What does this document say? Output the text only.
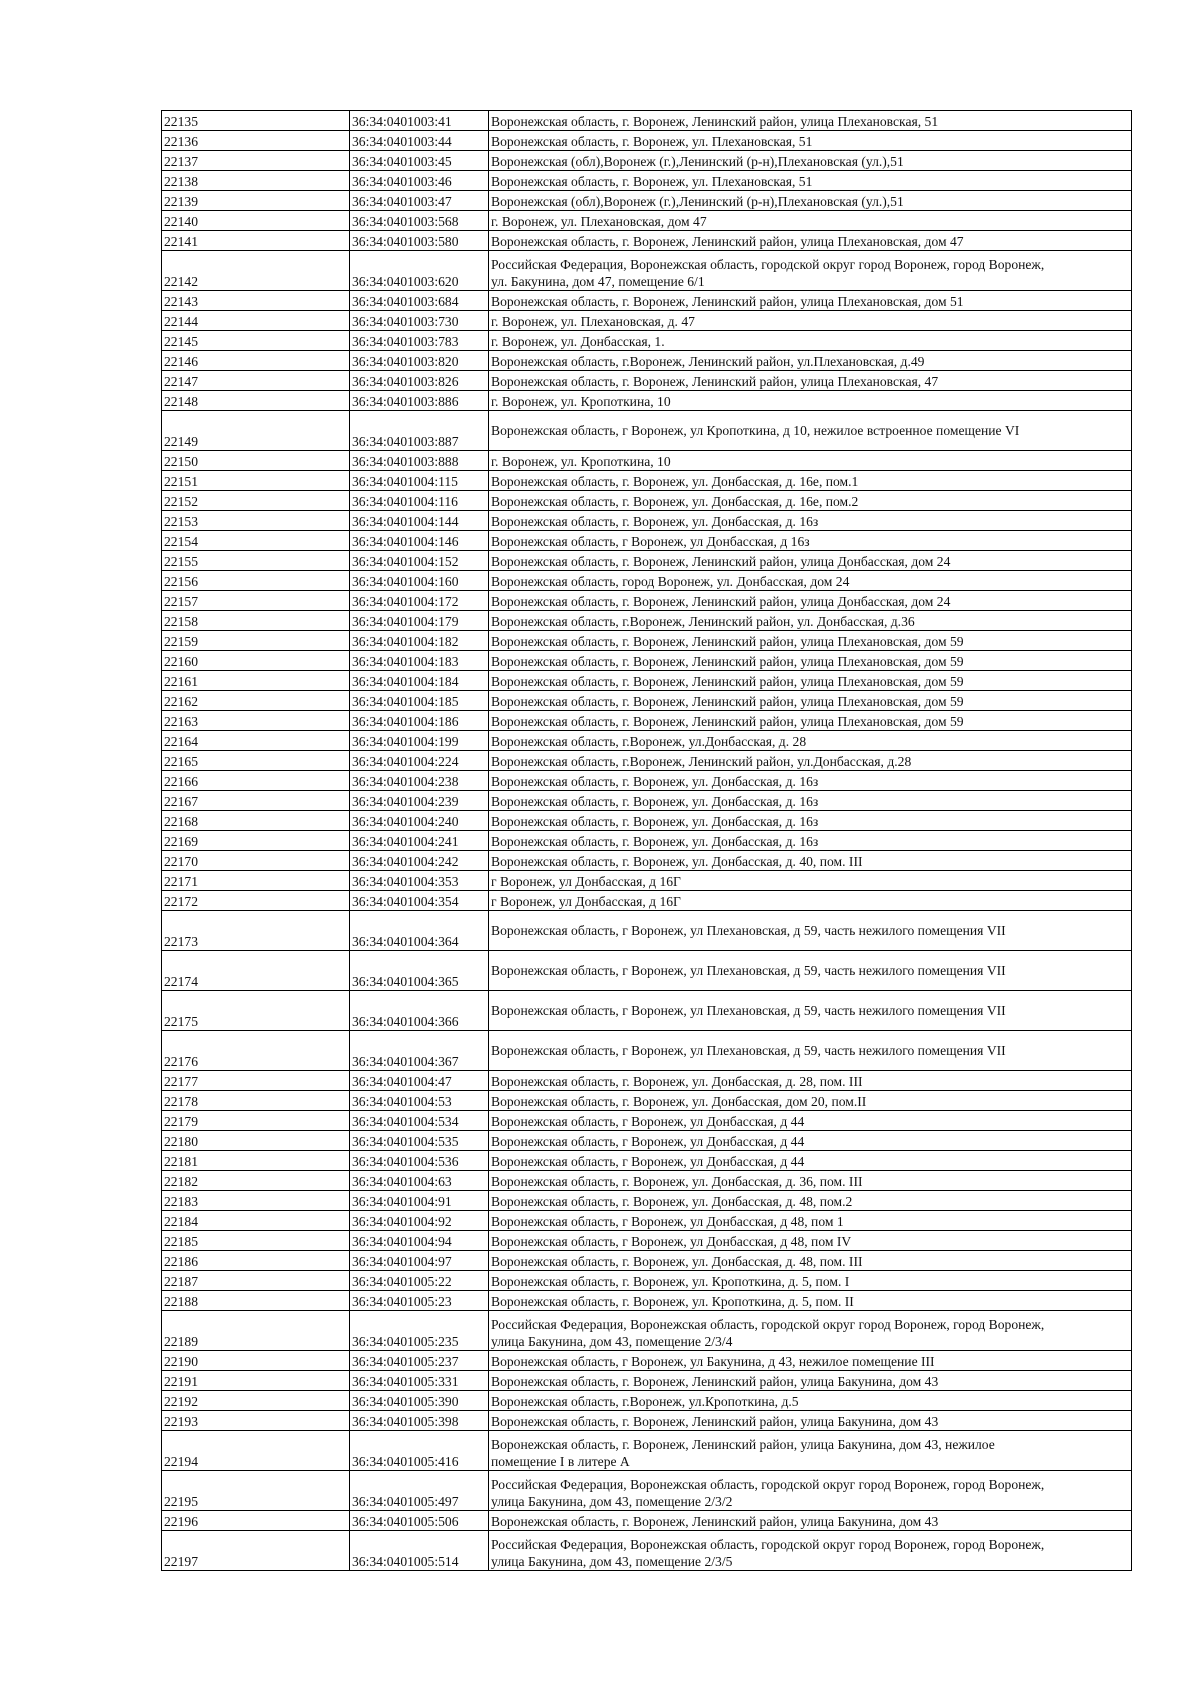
22135	36:34:0401003:41	Воронежская область, г. Воронеж, Ленинский район, улица Плехановская, 51

22136	36:34:0401003:44	Воронежская область, г. Воронеж, ул. Плехановская, 51

22137	36:34:0401003:45	Воронежская (обл),Воронеж (г.),Ленинский (р-н),Плехановская (ул.),51

22138	36:34:0401003:46	Воронежская область, г. Воронеж, ул. Плехановская, 51

22139	36:34:0401003:47	Воронежская (обл),Воронеж (г.),Ленинский (р-н),Плехановская (ул.),51

22140	36:34:0401003:568	г. Воронеж, ул. Плехановская, дом 47

22141	36:34:0401003:580	Воронежская область, г. Воронеж, Ленинский район, улица Плехановская, дом 47

22142	36:34:0401003:620	Российская Федерация, Воронежская область, городской округ город Воронеж, город Воронеж,
ул. Бакунина, дом 47, помещение 6/1

22143	36:34:0401003:684	Воронежская область, г. Воронеж, Ленинский район, улица Плехановская, дом 51

22144	36:34:0401003:730	г. Воронеж, ул. Плехановская, д. 47

22145	36:34:0401003:783	г. Воронеж, ул. Донбасская, 1.

22146	36:34:0401003:820	Воронежская область, г.Воронеж, Ленинский район, ул.Плехановская, д.49

22147	36:34:0401003:826	Воронежская область, г. Воронеж, Ленинский район, улица Плехановская, 47

22148	36:34:0401003:886	г. Воронеж, ул. Кропоткина, 10

22149	36:34:0401003:887	Воронежская область, г Воронеж, ул Кропоткина, д 10, нежилое встроенное помещение VI

22150	36:34:0401003:888	г. Воронеж, ул. Кропоткина, 10

22151	36:34:0401004:115	Воронежская область, г. Воронеж, ул. Донбасская, д. 16е, пом.1

22152	36:34:0401004:116	Воронежская область, г. Воронеж, ул. Донбасская, д. 16е, пом.2

22153	36:34:0401004:144	Воронежская область, г. Воронеж, ул. Донбасская, д. 16з

22154	36:34:0401004:146	Воронежская область, г Воронеж, ул Донбасская, д 16з

22155	36:34:0401004:152	Воронежская область, г. Воронеж, Ленинский район, улица Донбасская, дом 24

22156	36:34:0401004:160	Воронежская область, город Воронеж, ул. Донбасская, дом 24

22157	36:34:0401004:172	Воронежская область, г. Воронеж, Ленинский район, улица Донбасская, дом 24

22158	36:34:0401004:179	Воронежская область, г.Воронеж, Ленинский район, ул. Донбасская, д.36

22159	36:34:0401004:182	Воронежская область, г. Воронеж, Ленинский район, улица Плехановская, дом 59

22160	36:34:0401004:183	Воронежская область, г. Воронеж, Ленинский район, улица Плехановская, дом 59

22161	36:34:0401004:184	Воронежская область, г. Воронеж, Ленинский район, улица Плехановская, дом 59

22162	36:34:0401004:185	Воронежская область, г. Воронеж, Ленинский район, улица Плехановская, дом 59

22163	36:34:0401004:186	Воронежская область, г. Воронеж, Ленинский район, улица Плехановская, дом 59

22164	36:34:0401004:199	Воронежская область, г.Воронеж, ул.Донбасская, д. 28

22165	36:34:0401004:224	Воронежская область, г.Воронеж, Ленинский район, ул.Донбасская, д.28

22166	36:34:0401004:238	Воронежская область, г. Воронеж, ул. Донбасская, д. 16з

22167	36:34:0401004:239	Воронежская область, г. Воронеж, ул. Донбасская, д. 16з

22168	36:34:0401004:240	Воронежская область, г. Воронеж, ул. Донбасская, д. 16з

22169	36:34:0401004:241	Воронежская область, г. Воронеж, ул. Донбасская, д. 16з

22170	36:34:0401004:242	Воронежская область, г. Воронеж, ул. Донбасская, д. 40, пом. III

22171	36:34:0401004:353	г Воронеж, ул Донбасская, д 16Г

22172	36:34:0401004:354	г Воронеж, ул Донбасская, д 16Г

22173	36:34:0401004:364	Воронежская область, г Воронеж, ул Плехановская, д 59, часть нежилого помещения VII

22174	36:34:0401004:365	Воронежская область, г Воронеж, ул Плехановская, д 59, часть нежилого помещения VII

22175	36:34:0401004:366	Воронежская область, г Воронеж, ул Плехановская, д 59, часть нежилого помещения VII

22176	36:34:0401004:367	Воронежская область, г Воронеж, ул Плехановская, д 59, часть нежилого помещения VII

22177	36:34:0401004:47	Воронежская область, г. Воронеж, ул. Донбасская, д. 28, пом. III

22178	36:34:0401004:53	Воронежская область, г. Воронеж, ул. Донбасская, дом 20, пом.II

22179	36:34:0401004:534	Воронежская область, г Воронеж, ул Донбасская, д 44

22180	36:34:0401004:535	Воронежская область, г Воронеж, ул Донбасская, д 44

22181	36:34:0401004:536	Воронежская область, г Воронеж, ул Донбасская, д 44

22182	36:34:0401004:63	Воронежская область, г. Воронеж, ул. Донбасская, д. 36, пом. III

22183	36:34:0401004:91	Воронежская область, г. Воронеж, ул. Донбасская, д. 48, пом.2

22184	36:34:0401004:92	Воронежская область, г Воронеж, ул Донбасская, д 48, пом 1

22185	36:34:0401004:94	Воронежская область, г Воронеж, ул Донбасская, д 48, пом IV

22186	36:34:0401004:97	Воронежская область, г. Воронеж, ул. Донбасская, д. 48, пом. III

22187	36:34:0401005:22	Воронежская область, г. Воронеж, ул. Кропоткина, д. 5, пом. I

22188	36:34:0401005:23	Воронежская область, г. Воронеж, ул. Кропоткина, д. 5, пом. II

22189	36:34:0401005:235	Российская Федерация, Воронежская область, городской округ город Воронеж, город Воронеж,
улица Бакунина, дом 43, помещение 2/3/4

22190	36:34:0401005:237	Воронежская область, г Воронеж, ул Бакунина, д 43, нежилое помещение III

22191	36:34:0401005:331	Воронежская область, г. Воронеж, Ленинский район, улица Бакунина, дом 43

22192	36:34:0401005:390	Воронежская область, г.Воронеж, ул.Кропоткина, д.5

22193	36:34:0401005:398	Воронежская область, г. Воронеж, Ленинский район, улица Бакунина, дом 43

22194	36:34:0401005:416	Воронежская область, г. Воронеж, Ленинский район, улица Бакунина, дом 43, нежилое
помещение I в литере А

22195	36:34:0401005:497	Российская Федерация, Воронежская область, городской округ город Воронеж, город Воронеж,
улица Бакунина, дом 43, помещение 2/3/2

22196	36:34:0401005:506	Воронежская область, г. Воронеж, Ленинский район, улица Бакунина, дом 43

22197	36:34:0401005:514	Российская Федерация, Воронежская область, городской округ город Воронеж, город Воронеж,
улица Бакунина, дом 43, помещение 2/3/5
